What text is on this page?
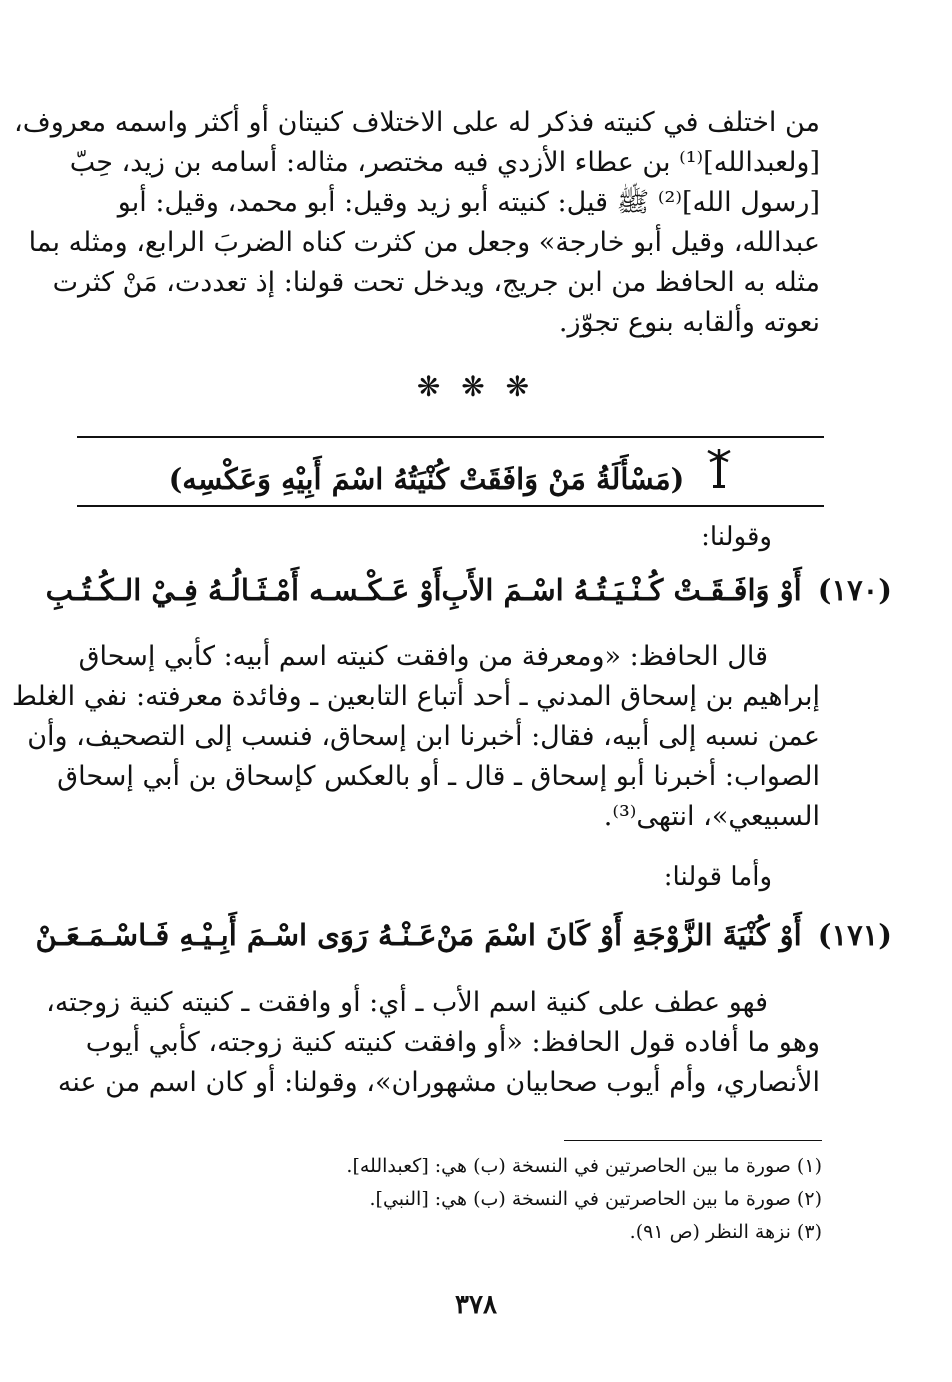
من اختلف في كنيته فذكر له على الاختلاف كنيتان أو أكثر واسمه معروف،
[ولعبدالله]⁽¹⁾ بن عطاء الأزدي فيه مختصر، مثاله: أسامه بن زيد، حِبّ
[رسول الله]⁽²⁾ ﷺ قيل: كنيته أبو زيد وقيل: أبو محمد، وقيل: أبو
عبدالله، وقيل أبو خارجة» وجعل من كثرت كناه الضربَ الرابع، ومثله بما
مثله به الحافظ من ابن جريج، ويدخل تحت قولنا: إذ تعددت، مَنْ كثرت
نعوته وألقابه بنوع تجوّز.
❋ ❋ ❋
(مَسْأَلَةُ مَنْ وَافَقَتْ كُنْيَتُهُ اسْمَ أَبِيْهِ وَعَكْسِه)
وقولنا:
(١٧٠) أَوْ وَافَـقَـتْ كُـنْـيَـتُـهُ اسْـمَ الأَبِ
أَوْ عَـكْـسـه أَمْـثَـالُـهُ فِـيْ الـكُـتُـبِ
قال الحافظ: «ومعرفة من وافقت كنيته اسم أبيه: كأبي إسحاق
إبراهيم بن إسحاق المدني ـ أحد أتباع التابعين ـ وفائدة معرفته: نفي الغلط
عمن نسبه إلى أبيه، فقال: أخبرنا ابن إسحاق، فنسب إلى التصحيف، وأن
الصواب: أخبرنا أبو إسحاق ـ قال ـ أو بالعكس كإسحاق بن أبي إسحاق
السبيعي»، انتهى⁽³⁾.
وأما قولنا:
(١٧١) أَوْ كُنْيَةَ الزَّوْجَةِ أَوْ كَانَ اسْمَ مَنْ
عَـنْـهُ رَوَى اسْـمَ أَبِـيْـهِ فَـاسْـمَـعَـنْ
فهو عطف على كنية اسم الأب ـ أي: أو وافقت ـ كنيته كنية زوجته،
وهو ما أفاده قول الحافظ: «أو وافقت كنيته كنية زوجته، كأبي أيوب
الأنصاري، وأم أيوب صحابيان مشهوران»، وقولنا: أو كان اسم من عنه
(١) صورة ما بين الحاصرتين في النسخة (ب) هي: [كعبدالله].
(٢) صورة ما بين الحاصرتين في النسخة (ب) هي: [النبي].
(٣) نزهة النظر (ص ٩١).
٣٧٨
